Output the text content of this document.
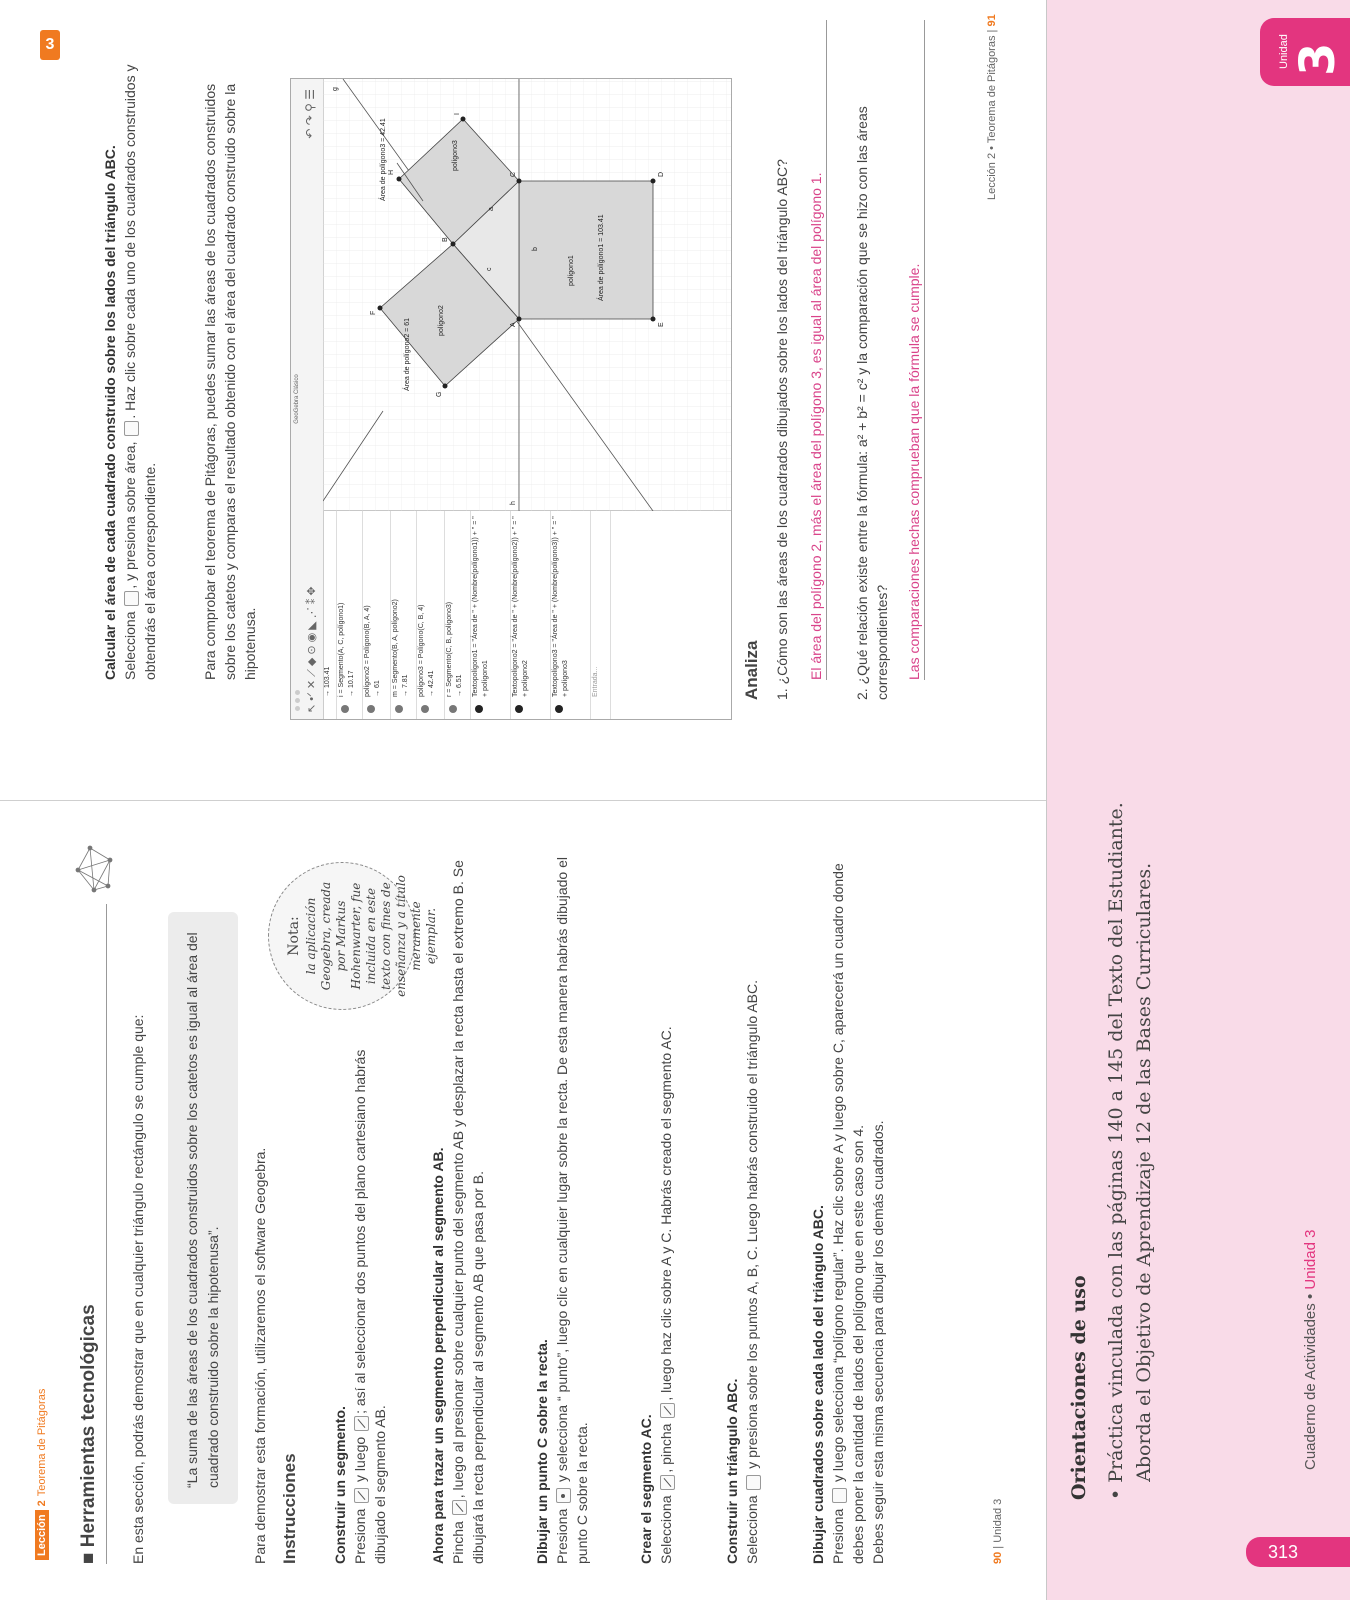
Unidad 3
313
3
Lección2Teorema de Pitágoras
■ Herramientas tecnológicas En esta sección, podrás demostrar que en cualquier triángulo rectángulo se cumple que:	“La suma de las áreas de los cuadrados construidos sobre los catetos es igual al área del cuadrado construido sobre la hipotenusa”.	Para demostrar esta formación, utilizaremos el software Geogebra. Instrucciones
Nota: la aplicación Geogebra, creada por Markus Hohenwarter, fue incluida en este texto con fines de enseñanza y a título meramente ejemplar.
Construir un segmento. Presiona  y luego ; así al seleccionar dos puntos del plano cartesiano habrás dibujado el segmento AB.	Ahora para trazar un segmento perpendicular al segmento AB. Pincha , luego al presionar sobre cualquier punto del segmento AB y desplazar la recta hasta el extremo B. Se dibujará la recta perpendicular al segmento AB que pasa por B.	Dibujar un punto C sobre la recta. Presiona  y selecciona “ punto”, luego clic en cualquier lugar sobre la recta. De esta manera habrás dibujado el punto C sobre la recta.	Crear el segmento AC. Selecciona , pincha , luego haz clic sobre A y C. Habrás creado el segmento AC.
Construir un triángulo ABC. Selecciona  y presiona sobre los puntos A, B, C. Luego habrás construido el triángulo ABC.	Dibujar cuadrados sobre cada lado del triángulo ABC. Presiona  y luego selecciona “polígono regular”. Haz clic sobre A y luego sobre C, aparecerá un cuadro donde debes poner la cantidad de lados del polígono que en este caso son 4. Debes seguir esta misma secuencia para dibujar los demás cuadrados.	90 | Unidad 3
Calcular el área de cada cuadrado construido sobre los lados del triángulo ABC. Selecciona , y presiona sobre área, . Haz clic sobre cada uno de los cuadrados construidos y obtendrás el área correspondiente.	Para comprobar el teorema de Pitágoras, puedes sumar las áreas de los cuadrados construidos sobre los catetos y comparas el resultado obtenido con el área del cuadrado construido sobre la hipotenusa.
GeoGebra Clásico
↖ •ᐟ ✕ ⟋ ◆ ⊙ ◉ ◣ ⋰ ⁑ ✥
↶ ↷ ⚲ ☰
→ 103.41	i = Segmento(A, C, polígono1) → 10.17	polígono2 = Polígono(B, A, 4) → 61	m = Segmento(B, A, polígono2) → 7.81	polígono3 = Polígono(C, B, 4) → 42.41	r = Segmento(C, B, polígono3) → 6.51	Textopolígono1 = "Área de " + (Nombre(polígono1)) + " = " + polígono1	Textopolígono2 = "Área de " + (Nombre(polígono2)) + " = " + polígono2	Textopolígono3 = "Área de " + (Nombre(polígono3)) + " = " + polígono3	Entrada...
A
C
B
E
D
F
G
I
H
c
a
b
polígono1	Área de polígono1 = 103.41
polígono2
Área de polígono2 = 61
polígono3
Área de polígono3 = 42.41
h
g
Analiza 1. ¿Cómo son las áreas de los cuadrados dibujados sobre los lados del triángulo ABC? El área del polígono 2, más el área del polígono 3, es igual al área del polígono 1.
2. ¿Qué relación existe entre la fórmula: a² + b² = c² y la comparación que se hizo con las áreas correspondientes? Las comparaciones hechas comprueban que la fórmula se cumple.
Lección 2 • Teorema de Pitágoras | 91
Orientaciones de uso • Práctica vinculada con las páginas 140 a 145 del Texto del Estudiante. Aborda el Objetivo de Aprendizaje 12 de las Bases Curriculares.	Cuaderno de Actividades • Unidad 3
